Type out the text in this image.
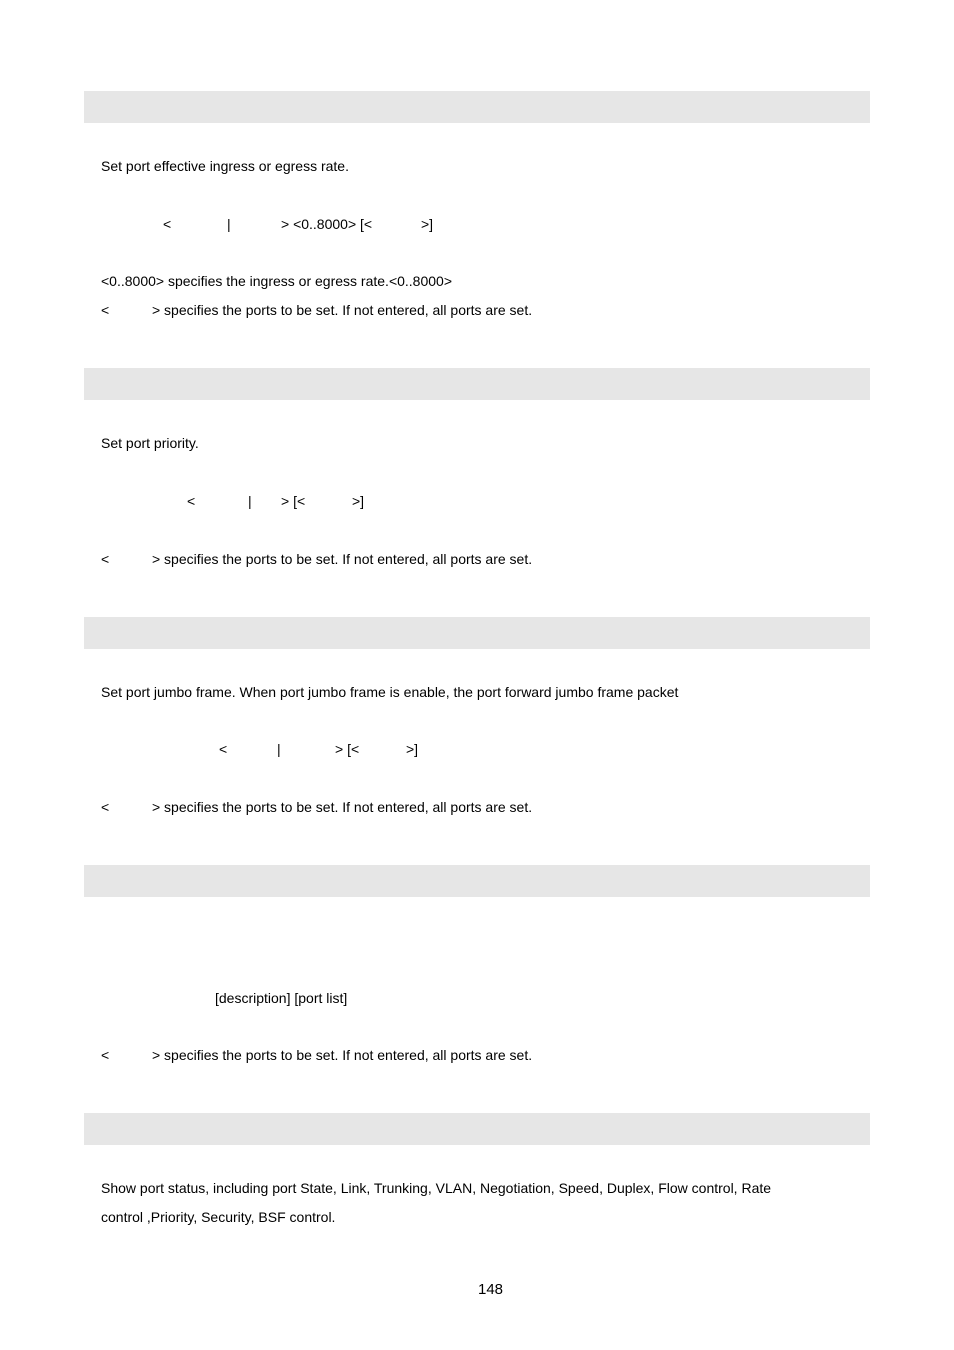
Set port effective ingress or egress rate.
<	|	> <0..8000> [<	>]
<0..8000> specifies the ingress or egress rate.<0..8000>
<           > specifies the ports to be set. If not entered, all ports are set.
Set port priority.
<	| > [<	>]
<           > specifies the ports to be set. If not entered, all ports are set.
Set port jumbo frame. When port jumbo frame is enable, the port forward jumbo frame packet
<	|	> [<	>]
<           > specifies the ports to be set. If not entered, all ports are set.
[description] [port list]
<           > specifies the ports to be set. If not entered, all ports are set.
Show port status, including port State, Link, Trunking, VLAN, Negotiation, Speed, Duplex, Flow control, Rate
control ,Priority, Security, BSF control.
148
